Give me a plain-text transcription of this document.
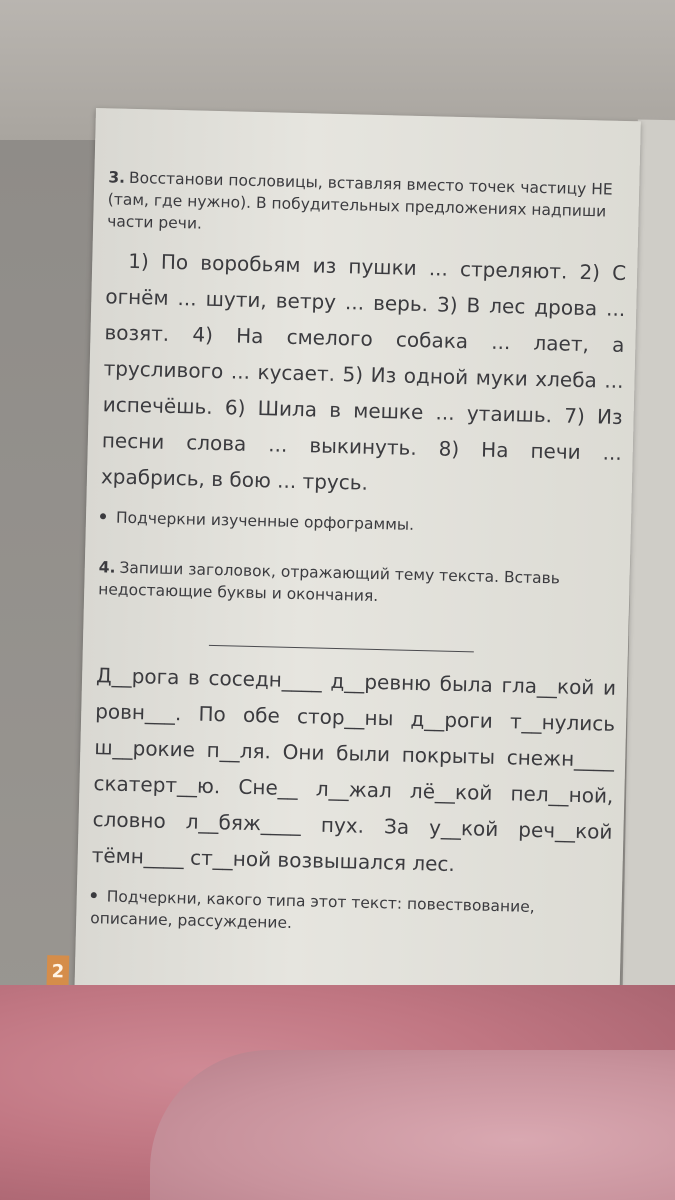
2

3. Восстанови пословицы, вставляя вместо точек частицу НЕ (там, где нужно). В побудительных предложениях надпиши части речи.

1) По воробьям из пушки ... стреляют. 2) С огнём ... шути, ветру ... верь. 3) В лес дрова ... возят. 4) На смелого собака ... лает, а трусливого ... кусает. 5) Из одной муки хлеба ... испечёшь. 6) Шила в мешке ... утаишь. 7) Из песни слова ... выкинуть. 8) На печи ... храбрись, в бою ... трусь.

Подчеркни изученные орфограммы.

4. Запиши заголовок, отражающий тему текста. Вставь недостающие буквы и окончания.

Д__рога в соседн____ д__ревню была гла__кой и ровн___. По обе стор__ны д__роги т__нулись ш__рокие п__ля. Они были покрыты снежн____ скатерт__ю. Сне__ л__жал лё__кой пел__ной, словно л__бяж____ пух. За у__кой реч__кой тёмн____ ст__ной возвышался лес.

Подчеркни, какого типа этот текст: повествование, описание, рассуждение.
